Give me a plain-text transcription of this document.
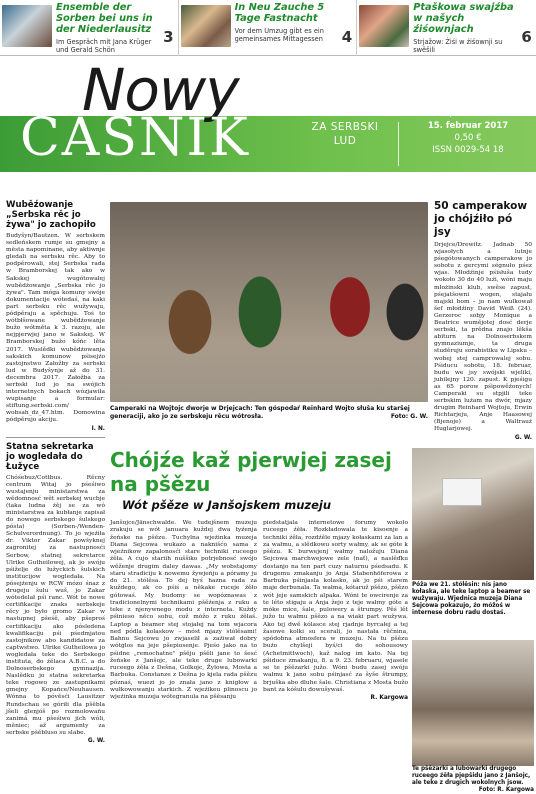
Ensemble der Sorben bei uns in der Niederlausitz
Im Gespräch mit Jana Krüger und Gerald Schön
3
In Neu Zauche 5 Tage Fastnacht
Vor dem Umzug gibt es ein gemeinsames Mittagessen	4
Ptaškowa swajźba w našych źiśownjach
Strjažow: Źiśi w źiśownji su swěšili
6
Nowy
CASNIK	TYŹENIK
ZA SERBSKI
LUD
07/Lětnik 68
15. februar 2017
0,50 €
ISSN 0029-54 18
Wuběźowanje „Serbska rěc jo żywa" jo zachopiło
Budyšyn/Bautzen. W serbskem sedleńskem rumje su gmejny a města napominane, aby aktiwnje gledali na serbsku rěc. Aby to podpěrowali, stej Serbska rada w Bramborskej tak ako w Sakskej wugótowałej wubědźowanje „Serbska rěc jo żywa". Tam móga komuny swóje dokumentacije wótedaś, na kaki part serbsku rěc wužywaju, pódpěraju a spěchuju. Toś to wótbłšowane wubědźowanje bužo wótměta k 3. razoju, ale nejpjerwjej jano w Sakskej. W Bramborskej bužo kóńc lěta 2017. Wuslědki wubědźowanja sakskich komunow pśisejźo zastojnstwo Załožby za serbski lud w Budyšynje až do 31. decembra 2017. Załožba za serbski lud jo na swójich internetnych bokach wózjawiła wupisanje a formular: stiftung.serbski.com/ wobsah_dz_47.htm. Domowina pódpěrujo akciju.
I. N.
Statna sekretarka jo wogledała do Łužyce
Chóśebuz/Cottbus. Rěcny centrum Witaj jo pśeśiwo wustajenju ministarstwa za wědomnosć wět serbskej wucbje (taka ludna źěj se za wó ministarstwa za kubłanje zapisał do nowego serbskego šulskego pósta) (Sorben-/Wenden-Schulverordnung). To jo wjeźiła dr. Viktor Zakar powšyknej zagronitej za nastupnosći Serbow, statnej sekretarce Ulrike Gutheilowej, ak jo swóju pśiželje do łužyckich šulskich institucijow wogledała. Na pósejźenju w RCW mózo śnaz z drugeju šulu wuš, jo Zakar wótedelał pśi ranc. Wót te nowe certifikacije znaks serbskeje rěcy jo było gromo Zakar w nastupnej pšeśě, aby pšeproś certifikaciju ako pósledena kwalifikaciju pśi pśedmjatou zastojnikow abo kandidatow za captwstwo. Ulrike Gutheilowa jo wogledała teke do Serbskego instituta, do źělaca A.B.C. a do Dolnoserbskego gymnazija. Naslědku jo statna sekretarka teke rogowo ze zastupnikami gmejny Kopańce/Neuhausen. Wónna to póvěsći Lausitzer Rundschau se góriłi dla pšěbla jšeli glenjóš po rozmolowańu zanimá mu pšeśiwo jich wóli, měniec; až argumenty za serbske pšěbluso su slabe.
G. W.
Camperaki na Wojtojc dworje w Drjejcach: Ten góspodaŕ Reinhard Wojto słuša ku staršej generaciji, ako jo ze serbskeju rěcu wótrosła.	Foto: G. W.
50 camperakow jo chójźiło pó jsy
Drjejce/Drewitz. Jadnab 50 wjasołych a lutnje pśegótowanych camperakow jo sobotu z gercymi ségnuło pśez wjas. Młodźinje pśisłuša tudy wokoło 30 do 40 luźi, wóni maju młożinski klub, swěse zapust, pśejatšowni wogen, stajału majski bom – jo nam wulkował šef młodźiny David Weiß (24). Gerzeroc sobjy Monique a Beatrice wumějotej dosć derje serbski, ta prědna znajo lěkša abiturn na Dolnoserbskem gymnaziumje, ta druga studěruju sorabistiku w Lipsku – wobej stej camprowalej sobu. Pśiducu sobotu, 18. februar, budu we jsy swójski wjeliki, jubilejny 120. zapust. K pjeśigu as 65 porow pśipowěźonych! Camperaki su stpjili teke serbskim luźam na dwór, mjazy drugim Reinhard Wojtoju, Erwin Richtarjeju, Anje Haasowej (Bjenoje) a Waltrauź Huglarjowej.
G. W.
Chójźe kaž pjerwjej zasej na pšězu
Wót pšěze w Janšojskem muzeju
Janšojce/Jänschwalde. We tudejšnem muzeju zrakuju se wót januara kuždej dwa tyźenja žeńske na pšězu. Tuchylna wjeźinka muzeja Diana Sejcowa wukazo a naknišćo sama z wjeźnikow zapalonosći stare techniki ruceego źěła. A cujo stariih nuššiko potrjebnosć swójo wěženje drugim daley dawas. „My wobstajomy staru stradiciju k nowemu žywjeńju a póramy ju do 21. stólěsa. To dej byś hazna rada za kuždego, ak co pśiś a někake ruceje źěło gótowaś. My budomy se wopóznawas z tradicionelnymi technikami pšěźenja z ruku a teke z njenywnego modu z interneta. Kuždy pśinieso něco sobu, což móžo z ruku źěłaś. Laptop a beamer stej stojałej na tom wjacora ned pódla kolaskow – móst mjazy stólěsami! Bahnu Sejcowu jo zwjaselił a zaźiwał dobry wótglos na jeje pšepiosenje. Pjeśo jako na to pśidne „remochatne" pšěju pšěli jane to šesć žeńske z Janšojc, ale teke druge lubowarki ruceego źěła z Dešna, Golkojc, Žylowa, Mosta a Barbuka. Constanze z Dešna jo kjela rada pšězu póznaś, wuezi jo jo znała jano z knigłow a wułkowowanju starkich. Z wjeźikeu plinoscu jo wjeźinka muzeja wótegranula na pšěsanju
piedstatjala internetowe forumy wokolo ruceego źěła. Rozkładowala te kisoenje a techniki źěła, rozdźěle mjazy kołaskami za lan a za wałmu, a slědkowu sorty wałmy, ak se góte k pšězu. K burwejenj wałmy naložuju Diana Sejcowa marchwejowe zele (nať), a naslěďku dostanjo na ten part cuzy naturnu pśedsadu. K drugemu zmakanju jo Anja Stabenhöferowa z Barbuka pśinjasla kolasko, ak jo pśi starem maje derbunala. Ta wałma, kótaruž pšězo, pšězo wót jeje samskich alpaka. Wóni te owcirenje za te léto stigaju a Anja žejo z teje wałmy góte a móke mice, šale, pulowery a štrumpy. Pěś lět južo tu wałmu pšězo a na wiaki part wužywa. Ako tej dwě kólasce stej rjadnje byrcałej a tej žasowe kolki su scerali, jo nastała rěčnina, spódobna atmosfera w muzeju. Na tu pšězu buźo chylšeji byś/ci do sohousowy (Achetmittwoch), kaž nalog im kato. Na tej pšiduce zmakanju, 8. a 9. 23. februaru, wjasele se te pšězarki južo. Wóni budu zasej swóju wałmu k jano sobu pśinjasć za šyše štrumpy, brjuška abo dluhe šale. Christiana z Mosta bužo bant za kóšulu dowušywaś.
R. Kargowa
Póża we 21. stólěsin: nis jano kołaska, ale teke laptop a beamer se wužywaju. Wjednica muzeja Diana Sejcowa pokazujo, źo móžoś w internese dobru radu dostaś.
Te pšězarki a lubowarki drugego ruceego źěła pjepšidu jano z Janšojc, ale teke z drugich wokolnych jsow.
Foto: R. Kargowa
